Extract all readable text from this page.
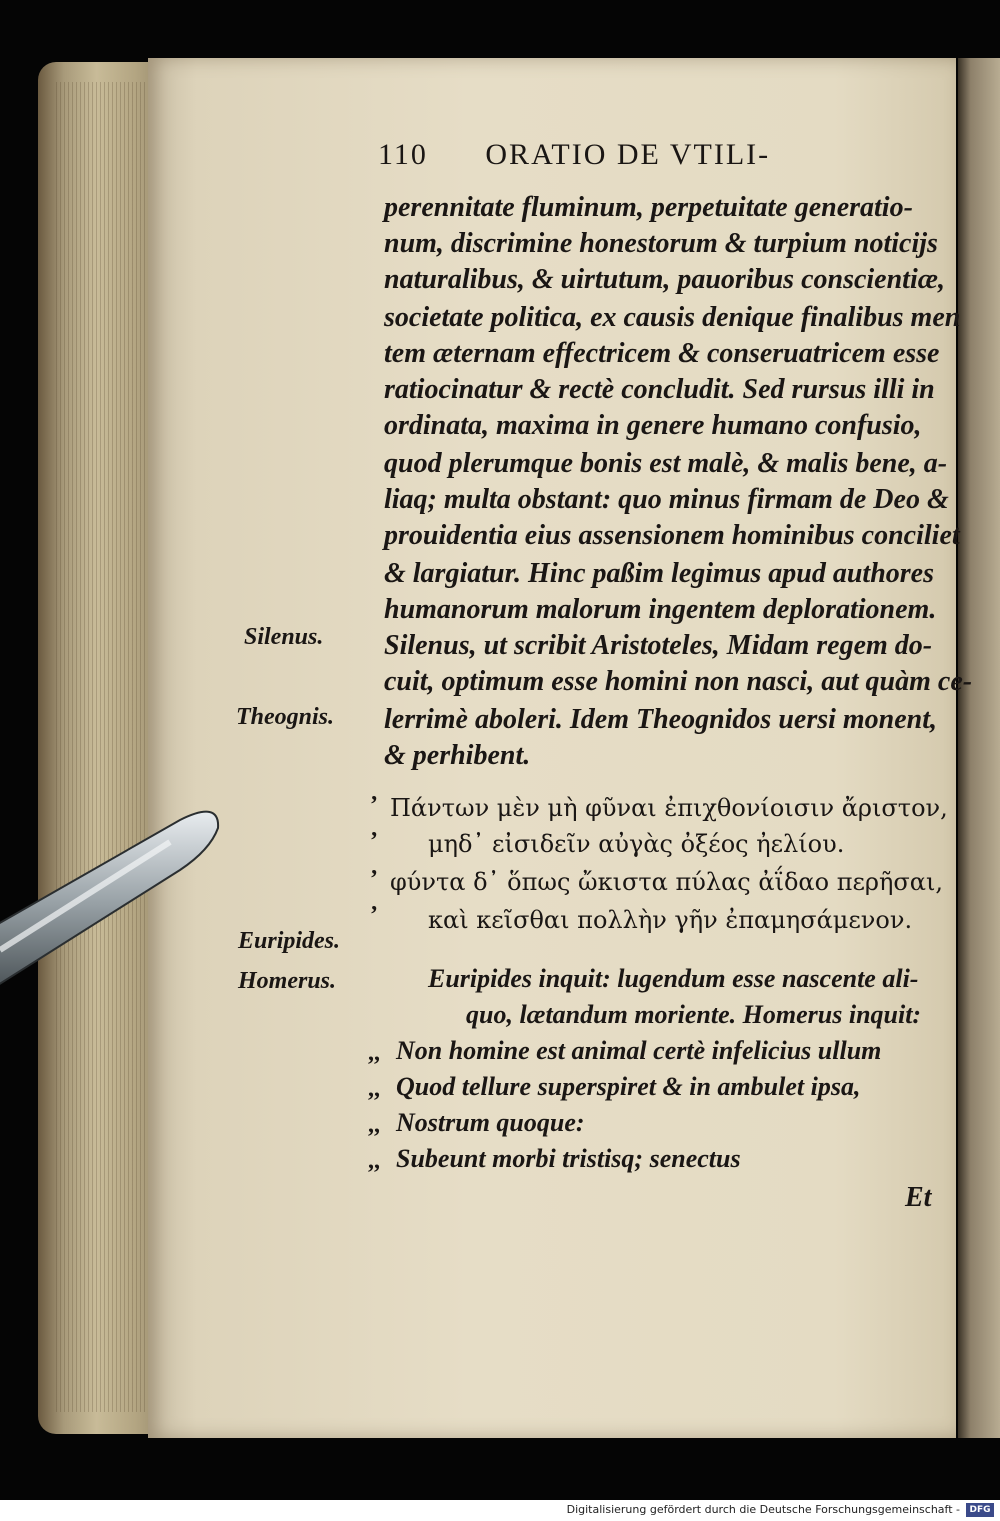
110 ORATIO DE VTILI-
perennitate fluminum, perpetuitate generatio-
num, discrimine honestorum & turpium noticijs
naturalibus, & uirtutum, pauoribus conscientiæ,
societate politica, ex causis denique finalibus men
tem æternam effectricem & conseruatricem esse
ratiocinatur & rectè concludit. Sed rursus illi in
ordinata, maxima in genere humano confusio,
quod plerumque bonis est malè, & malis bene, a-
liaq; multa obstant: quo minus firmam de Deo &
prouidentia eius assensionem hominibus conciliet
& largiatur. Hinc paßim legimus apud authores
humanorum malorum ingentem deplorationem.
Silenus, ut scribit Aristoteles, Midam regem do-
cuit, optimum esse homini non nasci, aut quàm ce-
lerrimè aboleri. Idem Theognidos uersi monent,
& perhibent.
Silenus.
Theognis.
’ Πάντων μὲν μὴ φῦναι ἐπιχθονίοισιν ἄριστον,
’ μηδ᾽ εἰσιδεῖν αὐγὰς ὀξέος ἠελίου.
’ φύντα δ᾽ ὅπως ὤκιστα πύλας ἀΐδαο περῆσαι,
’ καὶ κεῖσθαι πολλὴν γῆν ἐπαμησάμενον.
Euripides.
Homerus.	Euripides inquit: lugendum esse nascente ali-
quo, lætandum moriente. Homerus inquit:
,, Non homine est animal certè infelicius ullum
,, Quod tellure superspiret & in ambulet ipsa,
,, Nostrum quoque:
,, Subeunt morbi tristisq; senectus
Et
Digitalisierung gefördert durch die Deutsche Forschungsgemeinschaft -	DFG
